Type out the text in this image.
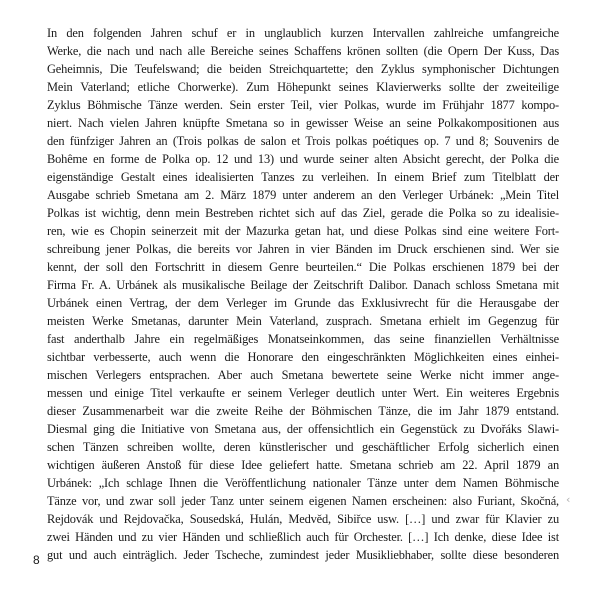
In den folgenden Jahren schuf er in unglaublich kurzen Intervallen zahlreiche umfangreiche
Werke, die nach und nach alle Bereiche seines Schaffens krönen sollten (die Opern Der Kuss, Das
Geheimnis, Die Teufelswand; die beiden Streichquartette; den Zyklus symphonischer Dichtungen
Mein Vaterland; etliche Chorwerke). Zum Höhepunkt seines Klavierwerks sollte der zweiteilige
Zyklus Böhmische Tänze werden. Sein erster Teil, vier Polkas, wurde im Frühjahr 1877 kompo-
niert. Nach vielen Jahren knüpfte Smetana so in gewisser Weise an seine Polkakompositionen aus
den fünfziger Jahren an (Trois polkas de salon et Trois polkas poétiques op. 7 und 8; Souvenirs de
Bohême en forme de Polka op. 12 und 13) und wurde seiner alten Absicht gerecht, der Polka die
eigenständige Gestalt eines idealisierten Tanzes zu verleihen. In einem Brief zum Titelblatt der
Ausgabe schrieb Smetana am 2. März 1879 unter anderem an den Verleger Urbánek: „Mein Titel
Polkas ist wichtig, denn mein Bestreben richtet sich auf das Ziel, gerade die Polka so zu idealisie-
ren, wie es Chopin seinerzeit mit der Mazurka getan hat, und diese Polkas sind eine weitere Fort-
schreibung jener Polkas, die bereits vor Jahren in vier Bänden im Druck erschienen sind. Wer sie
kennt, der soll den Fortschritt in diesem Genre beurteilen.“ Die Polkas erschienen 1879 bei der
Firma Fr. A. Urbánek als musikalische Beilage der Zeitschrift Dalibor. Danach schloss Smetana mit
Urbánek einen Vertrag, der dem Verleger im Grunde das Exklusivrecht für die Herausgabe der
meisten Werke Smetanas, darunter Mein Vaterland, zusprach. Smetana erhielt im Gegenzug für
fast anderthalb Jahre ein regelmäßiges Monatseinkommen, das seine finanziellen Verhältnisse
sichtbar verbesserte, auch wenn die Honorare den eingeschränkten Möglichkeiten eines einhei-
mischen Verlegers entsprachen. Aber auch Smetana bewertete seine Werke nicht immer ange-
messen und einige Titel verkaufte er seinem Verleger deutlich unter Wert. Ein weiteres Ergebnis
dieser Zusammenarbeit war die zweite Reihe der Böhmischen Tänze, die im Jahr 1879 entstand.
Diesmal ging die Initiative von Smetana aus, der offensichtlich ein Gegenstück zu Dvořáks Slawi-
schen Tänzen schreiben wollte, deren künstlerischer und geschäftlicher Erfolg sicherlich einen
wichtigen äußeren Anstoß für diese Idee geliefert hatte. Smetana schrieb am 22. April 1879 an
Urbánek: „Ich schlage Ihnen die Veröffentlichung nationaler Tänze unter dem Namen Böhmische
Tänze vor, und zwar soll jeder Tanz unter seinem eigenen Namen erscheinen: also Furiant, Skočná,
Rejdovák und Rejdovačka, Sousedská, Hulán, Medvěd, Sibiřce usw. […] und zwar für Klavier zu
zwei Händen und zu vier Händen und schließlich auch für Orchester. […] Ich denke, diese Idee ist
gut und auch einträglich. Jeder Tscheche, zumindest jeder Musikliebhaber, sollte diese besonderen
‹
8
